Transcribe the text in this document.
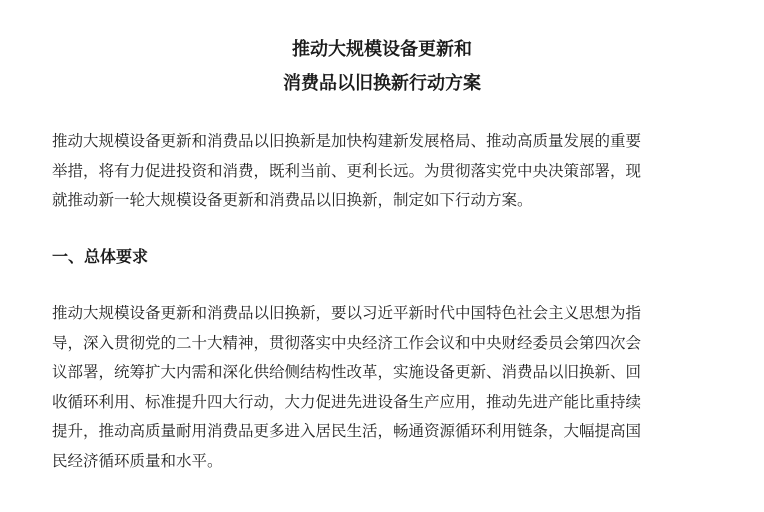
推动大规模设备更新和
消费品以旧换新行动方案
推动大规模设备更新和消费品以旧换新是加快构建新发展格局、推动高质量发展的重要
举措，将有力促进投资和消费，既利当前、更利长远。为贯彻落实党中央决策部署，现
就推动新一轮大规模设备更新和消费品以旧换新，制定如下行动方案。
一、总体要求
推动大规模设备更新和消费品以旧换新，要以习近平新时代中国特色社会主义思想为指
导，深入贯彻党的二十大精神，贯彻落实中央经济工作会议和中央财经委员会第四次会
议部署，统筹扩大内需和深化供给侧结构性改革，实施设备更新、消费品以旧换新、回
收循环利用、标准提升四大行动，大力促进先进设备生产应用，推动先进产能比重持续
提升，推动高质量耐用消费品更多进入居民生活，畅通资源循环利用链条，大幅提高国
民经济循环质量和水平。
